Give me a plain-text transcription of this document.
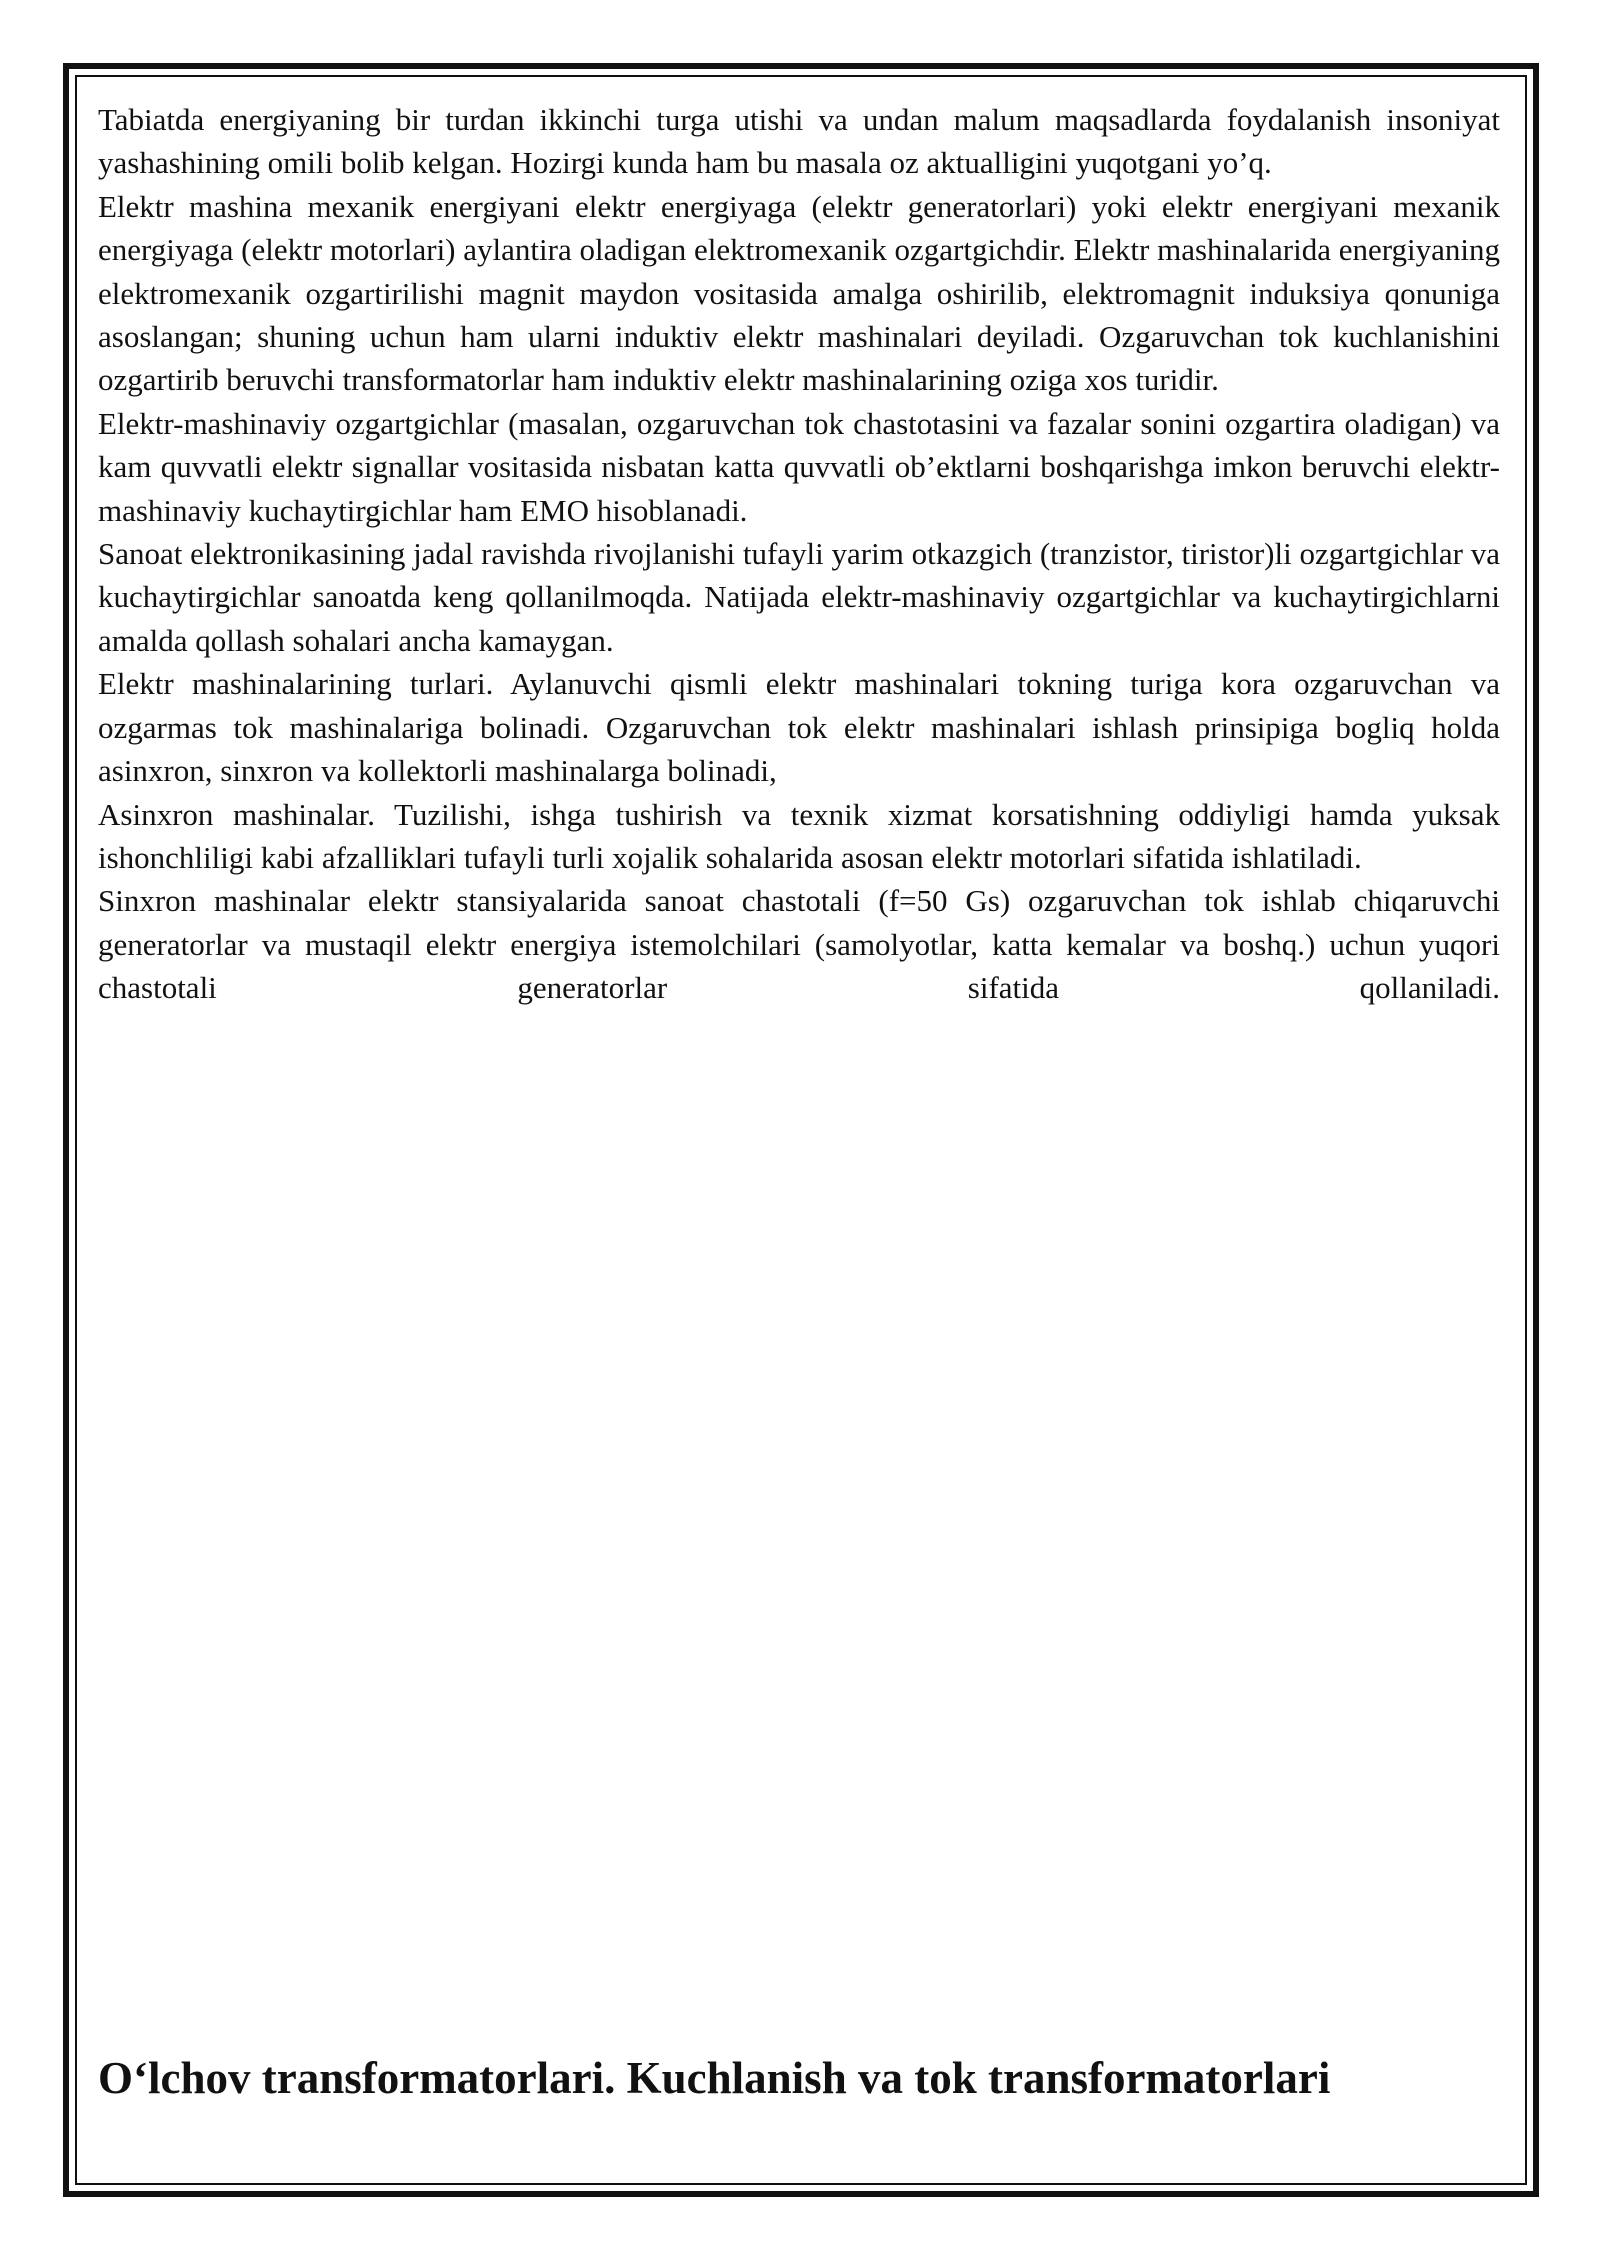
Tabiatda energiyaning bir turdan ikkinchi turga utishi va undan malum maqsadlarda foydalanish insoniyat yashashining omili bolib kelgan. Hozirgi kunda ham bu masala oz aktualligini yuqotgani yo’q.

Elektr mashina mexanik energiyani elektr energiyaga (elektr generatorlari) yoki elektr energiyani mexanik energiyaga (elektr motorlari) aylantira oladigan elektromexanik ozgartgichdir. Elektr mashinalarida energiyaning elektromexanik ozgartirilishi magnit maydon vositasida amalga oshirilib, elektromagnit induksiya qonuniga asoslangan; shuning uchun ham ularni induktiv elektr mashinalari deyiladi. Ozgaruvchan tok kuchlanishini ozgartirib beruvchi transformatorlar ham induktiv elektr mashinalarining oziga xos turidir.

Elektr-mashinaviy ozgartgichlar (masalan, ozgaruvchan tok chastotasini va fazalar sonini ozgartira oladigan) va kam quvvatli elektr signallar vositasida nisbatan katta quvvatli ob’ektlarni boshqarishga imkon beruvchi elektr-mashinaviy kuchaytirgichlar ham EMO hisoblanadi.

Sanoat elektronikasining jadal ravishda rivojlanishi tufayli yarim otkazgich (tranzistor, tiristor)li ozgartgichlar va kuchaytirgichlar sanoatda keng qollanilmoqda. Natijada elektr-mashinaviy ozgartgichlar va kuchaytirgichlarni amalda qollash sohalari ancha kamaygan.

Elektr mashinalarining turlari. Aylanuvchi qismli elektr mashinalari tokning turiga kora ozgaruvchan va ozgarmas tok mashinalariga bolinadi. Ozgaruvchan tok elektr mashinalari ishlash prinsipiga bogliq holda asinxron, sinxron va kollektorli mashinalarga bolinadi,

Asinxron mashinalar. Tuzilishi, ishga tushirish va texnik xizmat korsatishning oddiyligi hamda yuksak ishonchliligi kabi afzalliklari tufayli turli xojalik sohalarida asosan elektr motorlari sifatida ishlatiladi.

Sinxron mashinalar elektr stansiyalarida sanoat chastotali (f=50 Gs) ozgaruvchan tok ishlab chiqaruvchi generatorlar va mustaqil elektr energiya istemolchilari (samolyotlar, katta kemalar va boshq.) uchun yuqori chastotali generatorlar sifatida qollaniladi.

O‘lchov transformatorlari. Kuchlanish va tok transformatorlari
